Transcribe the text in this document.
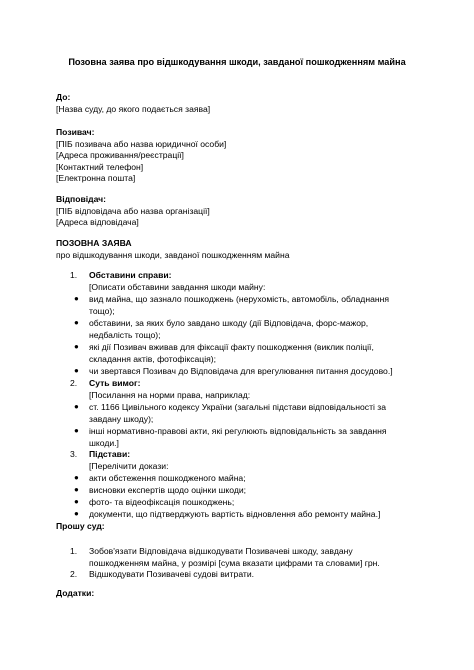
Позовна заява про відшкодування шкоди, завданої пошкодженням майна
До:
[Назва суду, до якого подається заява]
Позивач:
[ПІБ позивача або назва юридичної особи]
[Адреса проживання/реєстрації]
[Контактний телефон]
[Електронна пошта]
Відповідач:
[ПІБ відповідача або назва організації]
[Адреса відповідача]
ПОЗОВНА ЗАЯВА
про відшкодування шкоди, завданої пошкодженням майна
1.	Обставини справи:
[Описати обставини завдання шкоди майну:
● вид майна, що зазнало пошкоджень (нерухомість, автомобіль, обладнання
тощо);
● обставини, за яких було завдано шкоду (дії Відповідача, форс-мажор,
недбалість тощо);
● які дії Позивач вживав для фіксації факту пошкодження (виклик поліції,
складання актів, фотофіксація);
● чи звертався Позивач до Відповідача для врегулювання питання досудово.]
2.	Суть вимог:
[Посилання на норми права, наприклад:
● ст. 1166 Цивільного кодексу України (загальні підстави відповідальності за
завдану шкоду);
● інші нормативно-правові акти, які регулюють відповідальність за завдання
шкоди.]
3.	Підстави:
[Перелічити докази:
● акти обстеження пошкодженого майна;
● висновки експертів щодо оцінки шкоди;
● фото- та відеофіксація пошкоджень;
● документи, що підтверджують вартість відновлення або ремонту майна.]
Прошу суд:
1.	Зобов'язати Відповідача відшкодувати Позивачеві шкоду, завдану
пошкодженням майна, у розмірі [сума вказати цифрами та словами] грн.
2.	Відшкодувати Позивачеві судові витрати.
Додатки:
